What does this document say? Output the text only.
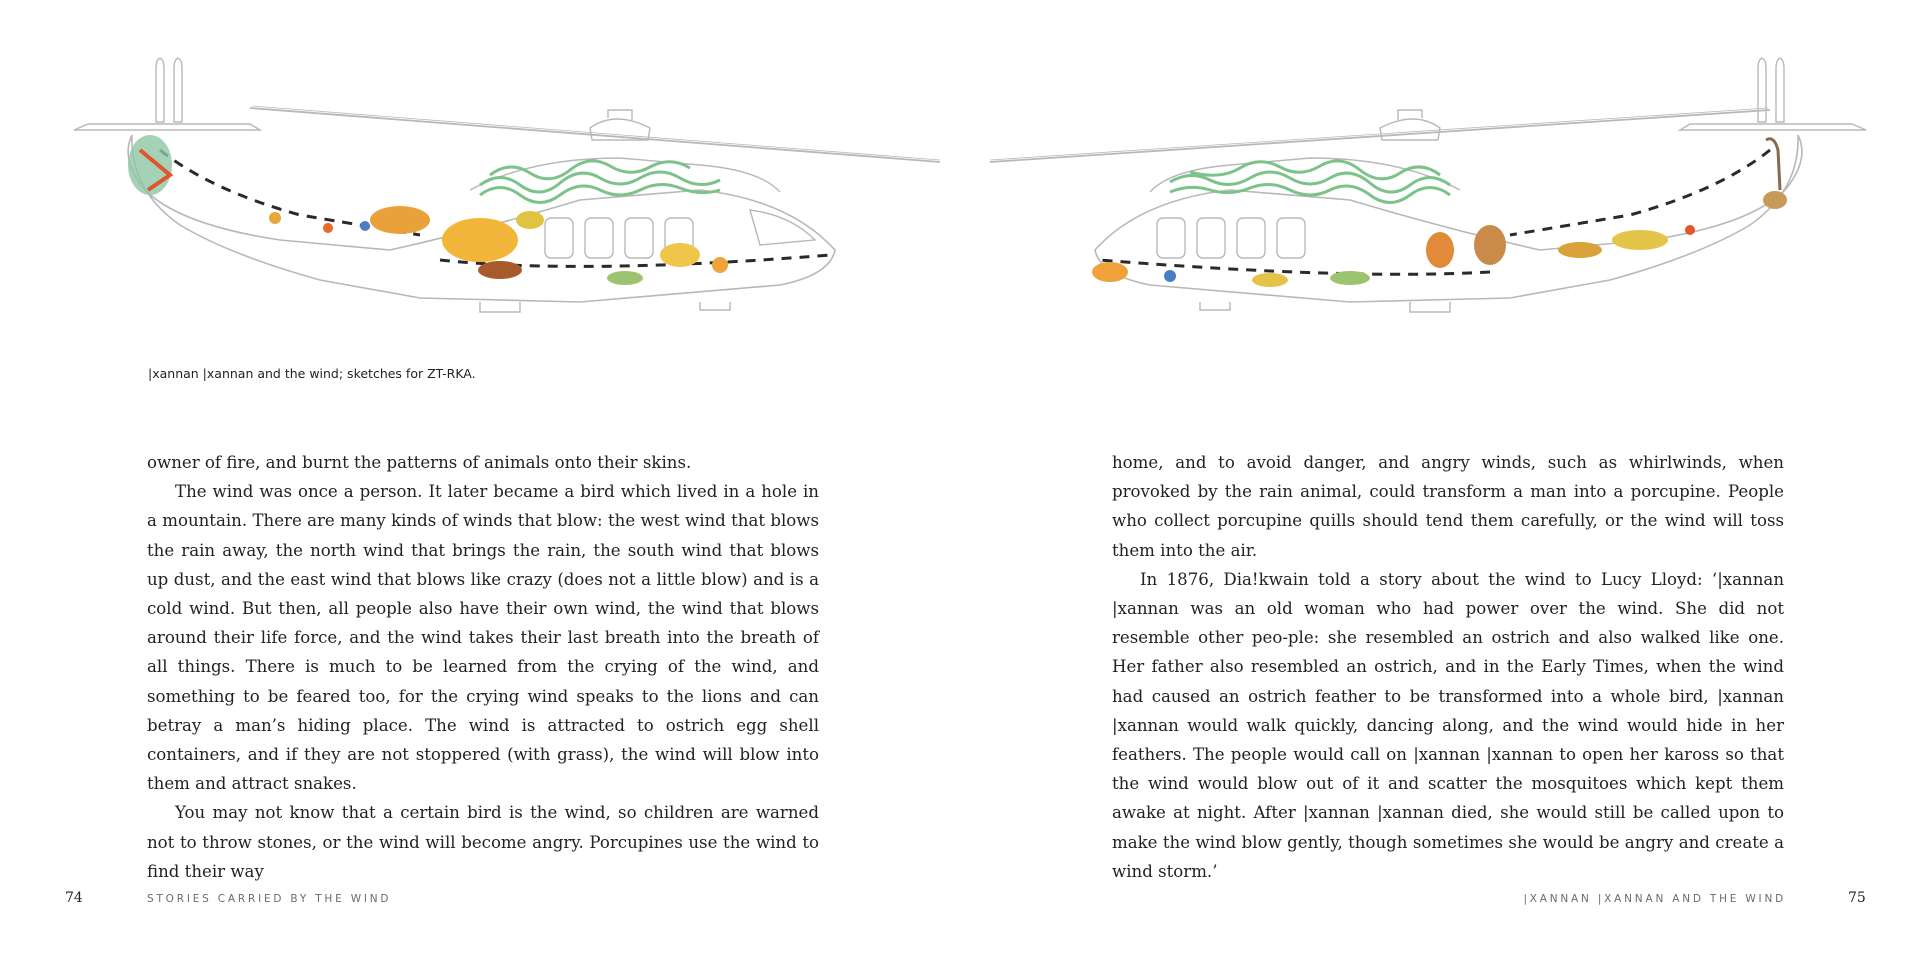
|xannan |xannan and the wind; sketches for ZT-RKA.

owner of fire, and burnt the patterns of animals onto their skins.

The wind was once a person. It later became a bird which lived in a hole in a mountain. There are many kinds of winds that blow: the west wind that blows the rain away, the north wind that brings the rain, the south wind that blows up dust, and the east wind that blows like crazy (does not a little blow) and is a cold wind. But then, all people also have their own wind, the wind that blows around their life force, and the wind takes their last breath into the breath of all things. There is much to be learned from the crying of the wind, and something to be feared too, for the crying wind speaks to the lions and can betray a man’s hiding place. The wind is attracted to ostrich egg shell containers, and if they are not stoppered (with grass), the wind will blow into them and attract snakes.

You may not know that a certain bird is the wind, so children are warned not to throw stones, or the wind will become angry. Porcupines use the wind to find their way

home, and to avoid danger, and angry winds, such as whirlwinds, when provoked by the rain animal, could transform a man into a porcupine. People who collect porcupine quills should tend them carefully, or the wind will toss them into the air.

In 1876, Dia!kwain told a story about the wind to Lucy Lloyd: ‘|xannan |xannan was an old woman who had power over the wind. She did not resemble other peo-ple: she resembled an ostrich and also walked like one. Her father also resembled an ostrich, and in the Early Times, when the wind had caused an ostrich feather to be transformed into a whole bird, |xannan |xannan would walk quickly, dancing along, and the wind would hide in her feathers. The people would call on |xannan |xannan to open her kaross so that the wind would blow out of it and scatter the mosquitoes which kept them awake at night. After |xannan |xannan died, she would still be called upon to make the wind blow gently, though sometimes she would be angry and create a wind storm.’

74	STORIES CARRIED BY THE WIND	|XANNAN |XANNAN AND THE WIND	75
